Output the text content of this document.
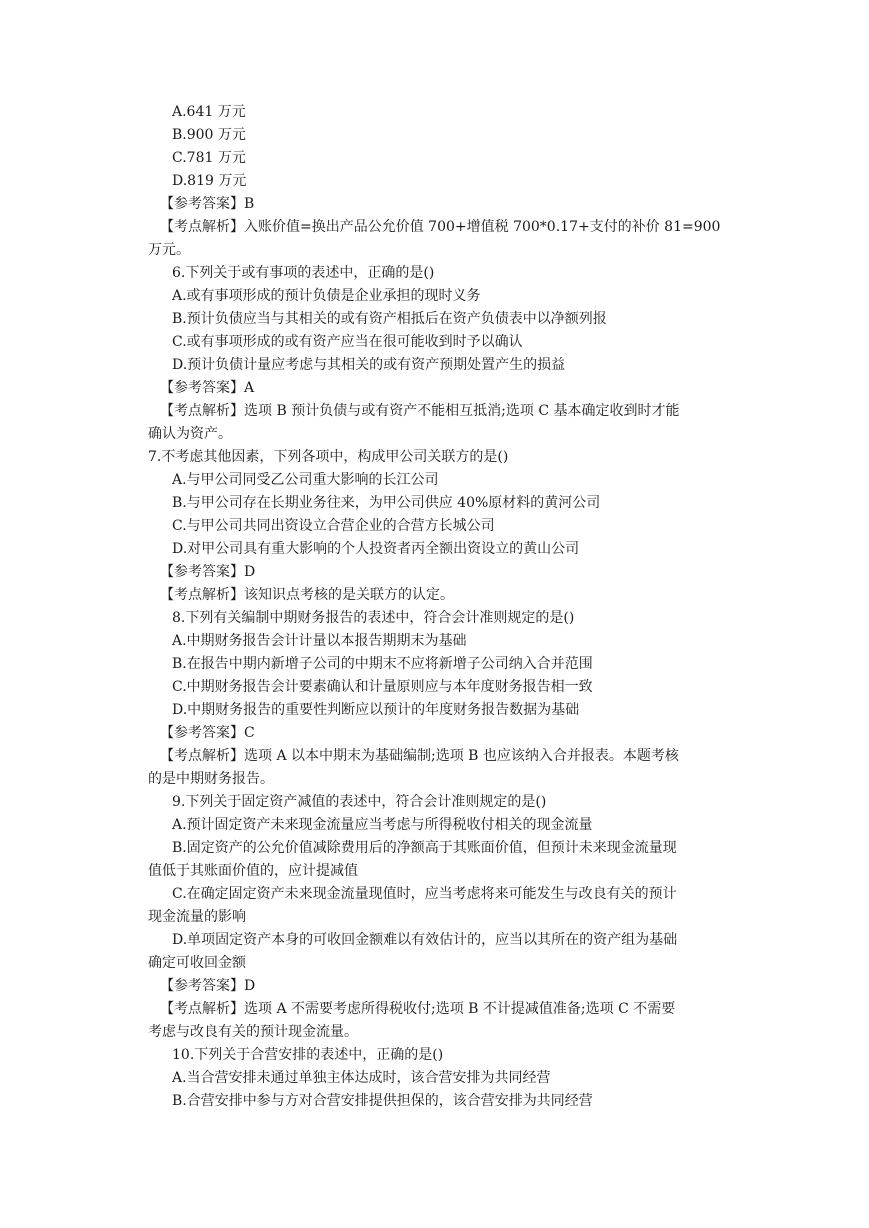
A.641 万元
B.900 万元
C.781 万元
D.819 万元
【参考答案】B
【考点解析】入账价值=换出产品公允价值 700+增值税 700*0.17+支付的补价 81=900
万元。
6.下列关于或有事项的表述中，正确的是()
A.或有事项形成的预计负债是企业承担的现时义务
B.预计负债应当与其相关的或有资产相抵后在资产负债表中以净额列报
C.或有事项形成的或有资产应当在很可能收到时予以确认
D.预计负债计量应考虑与其相关的或有资产预期处置产生的损益
【参考答案】A
【考点解析】选项 B 预计负债与或有资产不能相互抵消;选项 C 基本确定收到时才能
确认为资产。
7.不考虑其他因素，下列各项中，构成甲公司关联方的是()
A.与甲公司同受乙公司重大影响的长江公司
B.与甲公司存在长期业务往来，为甲公司供应 40%原材料的黄河公司
C.与甲公司共同出资设立合营企业的合营方长城公司
D.对甲公司具有重大影响的个人投资者丙全额出资设立的黄山公司
【参考答案】D
【考点解析】该知识点考核的是关联方的认定。
8.下列有关编制中期财务报告的表述中，符合会计准则规定的是()
A.中期财务报告会计计量以本报告期期末为基础
B.在报告中期内新增子公司的中期末不应将新增子公司纳入合并范围
C.中期财务报告会计要素确认和计量原则应与本年度财务报告相一致
D.中期财务报告的重要性判断应以预计的年度财务报告数据为基础
【参考答案】C
【考点解析】选项 A 以本中期末为基础编制;选项 B 也应该纳入合并报表。本题考核
的是中期财务报告。
9.下列关于固定资产减值的表述中，符合会计准则规定的是()
A.预计固定资产未来现金流量应当考虑与所得税收付相关的现金流量
B.固定资产的公允价值减除费用后的净额高于其账面价值，但预计未来现金流量现
值低于其账面价值的，应计提减值
C.在确定固定资产未来现金流量现值时，应当考虑将来可能发生与改良有关的预计
现金流量的影响
D.单项固定资产本身的可收回金额难以有效估计的，应当以其所在的资产组为基础
确定可收回金额
【参考答案】D
【考点解析】选项 A 不需要考虑所得税收付;选项 B 不计提减值准备;选项 C 不需要
考虑与改良有关的预计现金流量。
10.下列关于合营安排的表述中，正确的是()
A.当合营安排未通过单独主体达成时，该合营安排为共同经营
B.合营安排中参与方对合营安排提供担保的，该合营安排为共同经营
